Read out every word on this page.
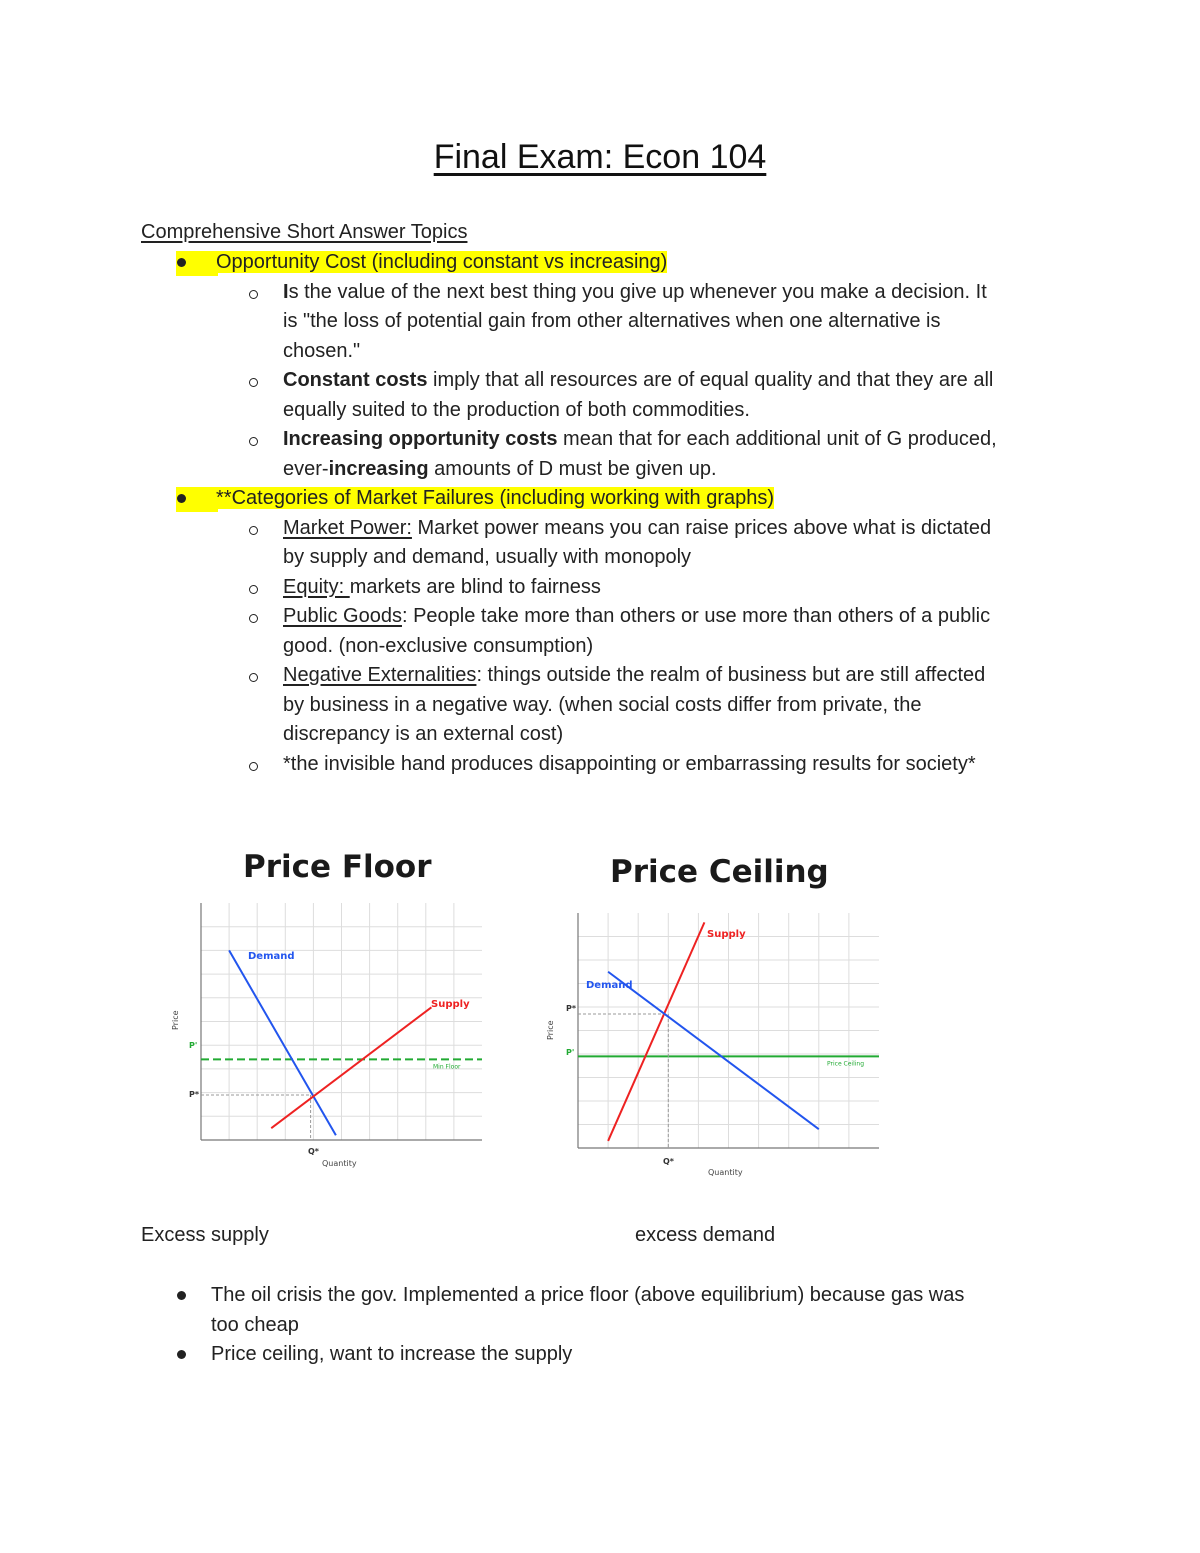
Final Exam: Econ 104
Comprehensive Short Answer Topics
Opportunity Cost (including constant vs increasing)
Is the value of the next best thing you give up whenever you make a decision. It
is "the loss of potential gain from other alternatives when one alternative is
chosen."
Constant costs imply that all resources are of equal quality and that they are all
equally suited to the production of both commodities.
Increasing opportunity costs mean that for each additional unit of G produced,
ever-increasing amounts of D must be given up.
**Categories of Market Failures (including working with graphs)
Market Power: Market power means you can raise prices above what is dictated
by supply and demand, usually with monopoly
Equity: markets are blind to fairness
Public Goods: People take more than others or use more than others of a public
good. (non-exclusive consumption)
Negative Externalities: things outside the realm of business but are still affected
by business in a negative way. (when social costs differ from private, the
discrepancy is an external cost)
*the invisible hand produces disappointing or embarrassing results for society*
Price Floor
Min Floor
Demand
Supply
P'
P*
Q*
Quantity
Price
Price Ceiling
Price Ceiling
Supply
Demand
P*
P'
Q*
Quantity
Price
Excess supply	excess demand
The oil crisis the gov. Implemented a price floor (above equilibrium) because gas was
too cheap
Price ceiling, want to increase the supply
